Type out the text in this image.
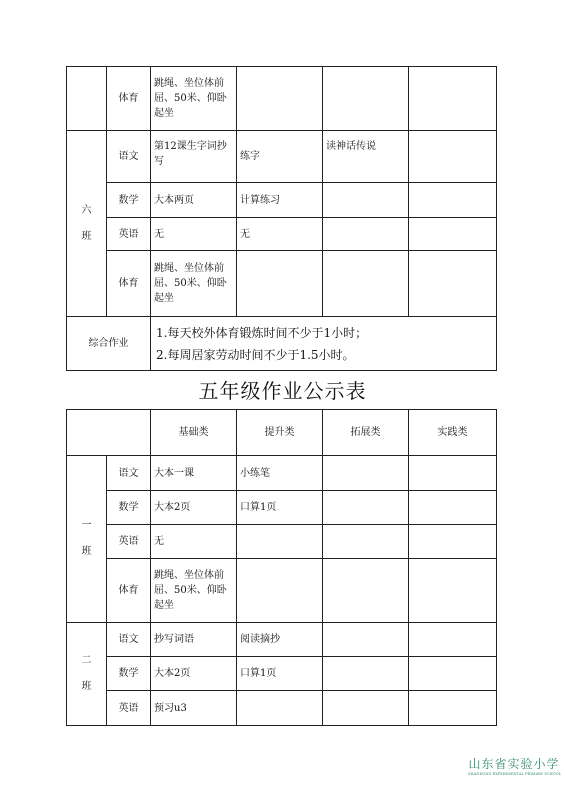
	体育	跳绳、坐位体前屈、50米、仰卧起坐			
六
班	语文	第12课生字词抄写	练字	读神话传说	
	数学	大本两页	计算练习		
	英语	无	无		
	体育	跳绳、坐位体前屈、50米、仰卧起坐			
综合作业		1.每天校外体育锻炼时间不少于1小时；
2.每周居家劳动时间不少于1.5小时。			
五年级作业公示表
		基础类	提升类	拓展类	实践类
一
班	语文	大本一课	小练笔		
	数学	大本2页	口算1页		
	英语	无			
	体育	跳绳、坐位体前屈、50米、仰卧起坐			
二
班	语文	抄写词语	阅读摘抄		
	数学	大本2页	口算1页		
	英语	预习u3			
山东省实验小学
SHANDONG EXPERIMENTAL PRIMARY SCHOOL
